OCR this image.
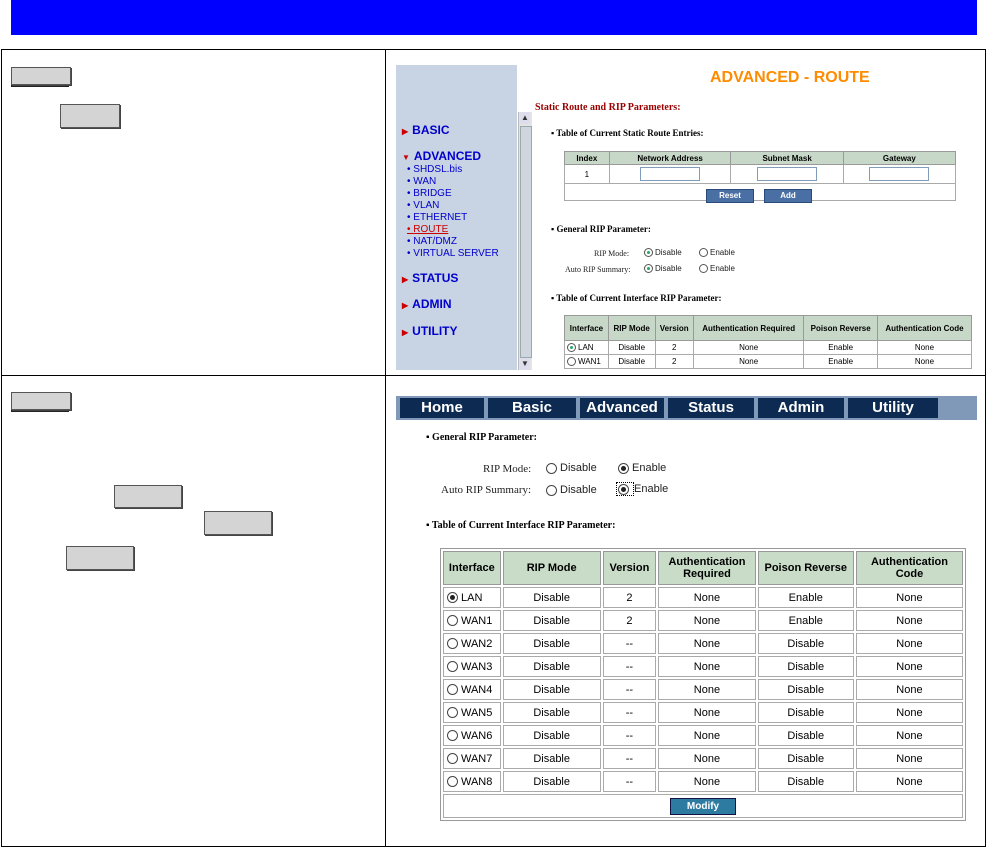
▶ BASIC
▼ ADVANCED
• SHDSL.bis
• WAN
• BRIDGE
• VLAN
• ETHERNET
• ROUTE
• NAT/DMZ
• VIRTUAL SERVER
▶ STATUS
▶ ADMIN
▶ UTILITY
▲
▼
ADVANCED - ROUTE
Static Route and RIP Parameters:
▪ Table of Current Static Route Entries:
Index	Network Address	Subnet Mask	Gateway
1			

Reset	Add
▪ General RIP Parameter:
RIP Mode:	Disable	Enable
Auto RIP Summary:	Disable	Enable
▪ Table of Current Interface RIP Parameter:
Interface	RIP Mode	Version	Authentication Required	Poison Reverse	Authentication Code
LAN	Disable	2	None	Enable	None
WAN1	Disable	2	None	Enable	None
Home	Basic	Advanced	Status	Admin	Utility
▪ General RIP Parameter:
RIP Mode:	Disable	Enable
Auto RIP Summary:	Disable	Enable
▪ Table of Current Interface RIP Parameter:
Interface	RIP Mode	Version	Authentication Required	Poison Reverse	Authentication Code
LAN	Disable	2	None	Enable	None
WAN1	Disable	2	None	Enable	None
WAN2	Disable	--	None	Disable	None
WAN3	Disable	--	None	Disable	None
WAN4	Disable	--	None	Disable	None
WAN5	Disable	--	None	Disable	None
WAN6	Disable	--	None	Disable	None
WAN7	Disable	--	None	Disable	None
WAN8	Disable	--	None	Disable	None
Modify					
